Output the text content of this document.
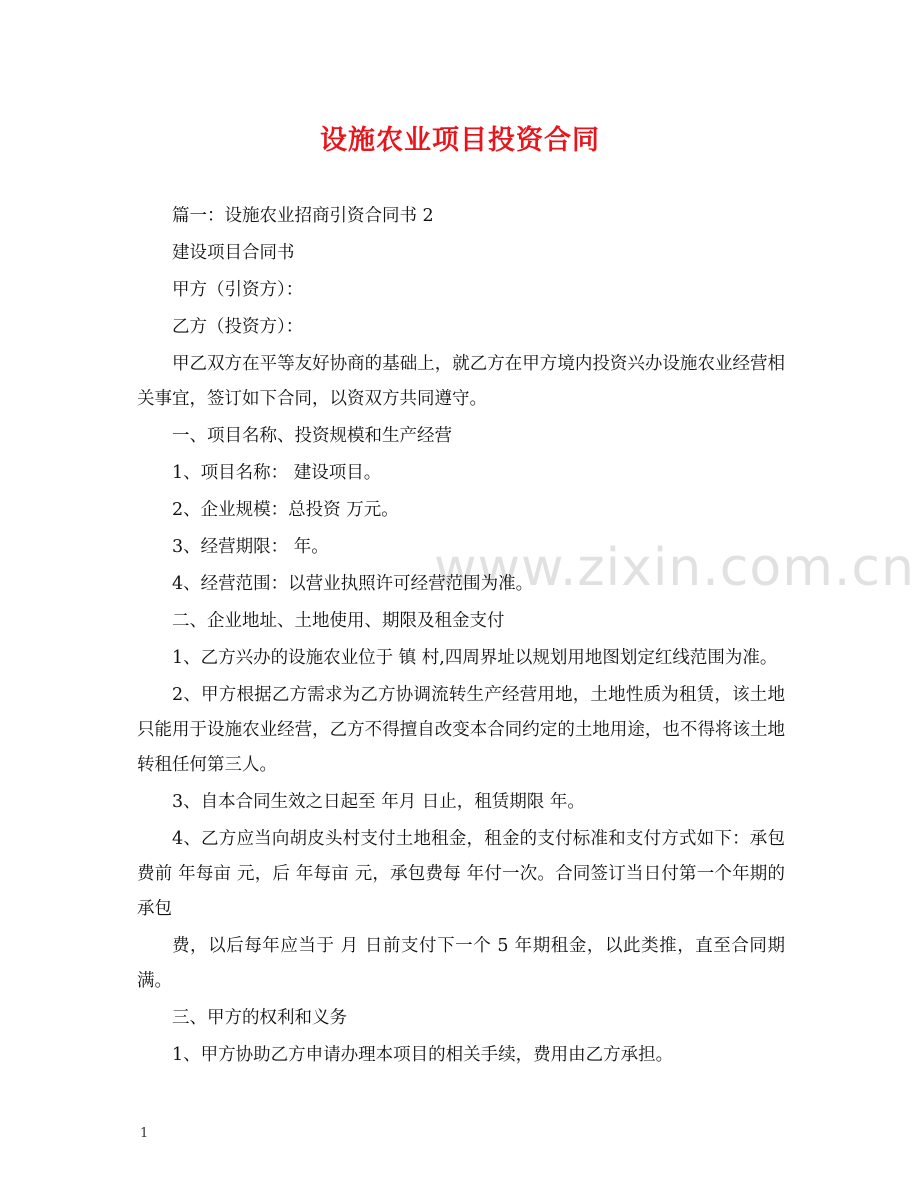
设施农业项目投资合同
www.zixin.com.cn

篇一：设施农业招商引资合同书 2

建设项目合同书

甲方（引资方）：

乙方（投资方）：

甲乙双方在平等友好协商的基础上，就乙方在甲方境内投资兴办设施农业经营相关事宜，签订如下合同，以资双方共同遵守。

一、项目名称、投资规模和生产经营

1、项目名称： 建设项目。

2、企业规模：总投资 万元。

3、经营期限： 年。

4、经营范围：以营业执照许可经营范围为准。

二、企业地址、土地使用、期限及租金支付

1、乙方兴办的设施农业位于 镇 村,四周界址以规划用地图划定红线范围为准。

2、甲方根据乙方需求为乙方协调流转生产经营用地，土地性质为租赁，该土地只能用于设施农业经营，乙方不得擅自改变本合同约定的土地用途，也不得将该土地转租任何第三人。

3、自本合同生效之日起至 年月 日止，租赁期限 年。

4、乙方应当向胡皮头村支付土地租金，租金的支付标准和支付方式如下：承包费前 年每亩 元，后 年每亩 元，承包费每 年付一次。合同签订当日付第一个年期的承包

费，以后每年应当于 月 日前支付下一个 5 年期租金，以此类推，直至合同期满。

三、甲方的权利和义务

1、甲方协助乙方申请办理本项目的相关手续，费用由乙方承担。

1
